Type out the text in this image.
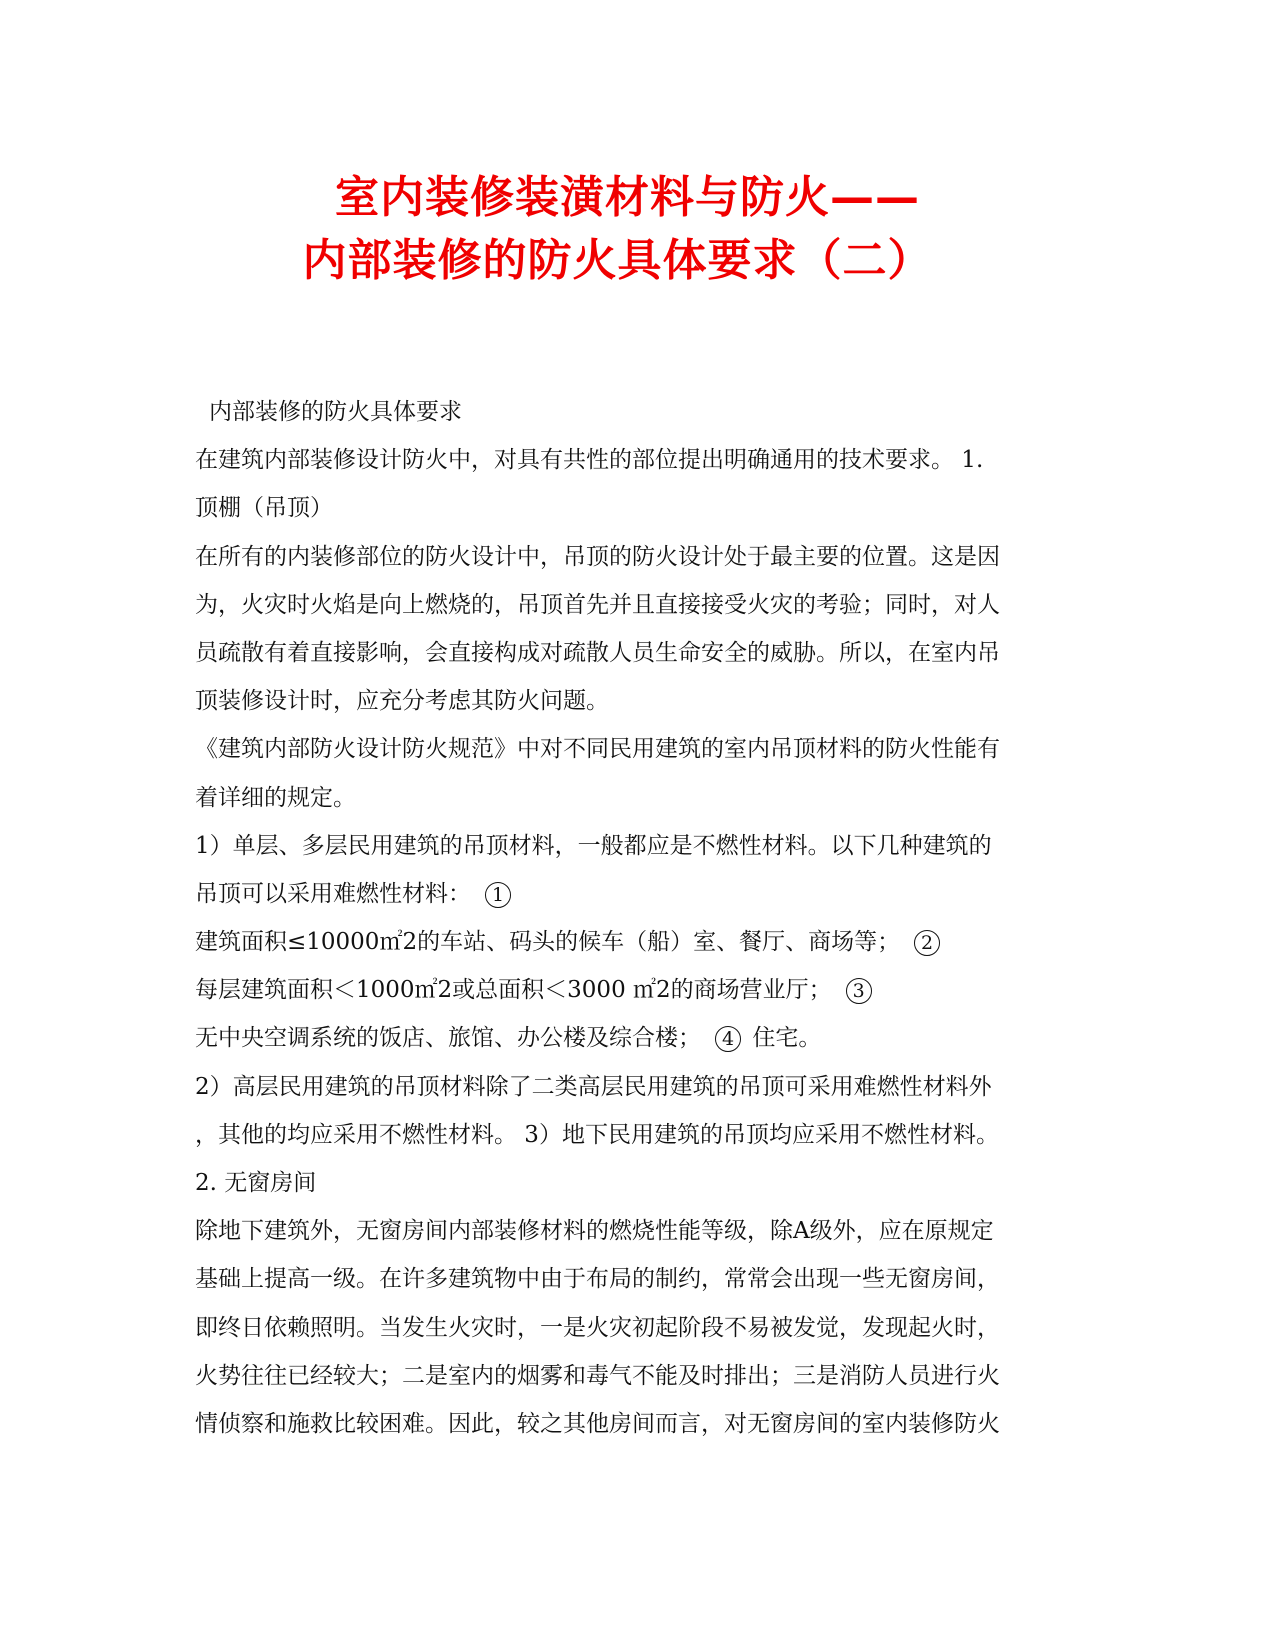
室内装修装潢材料与防火——
内部装修的防火具体要求（二）
内部装修的防火具体要求
在建筑内部装修设计防火中，对具有共性的部位提出明确通用的技术要求。 1.
顶棚（吊顶）
在所有的内装修部位的防火设计中，吊顶的防火设计处于最主要的位置。这是因
为，火灾时火焰是向上燃烧的，吊顶首先并且直接接受火灾的考验；同时，对人
员疏散有着直接影响，会直接构成对疏散人员生命安全的威胁。所以，在室内吊
顶装修设计时，应充分考虑其防火问题。
《建筑内部防火设计防火规范》中对不同民用建筑的室内吊顶材料的防火性能有
着详细的规定。
1）单层、多层民用建筑的吊顶材料，一般都应是不燃性材料。以下几种建筑的
吊顶可以采用难燃性材料： 1
建筑面积≤10000㎡2的车站、码头的候车（船）室、餐厅、商场等； 2
每层建筑面积＜1000㎡2或总面积＜3000 ㎡2的商场营业厅； 3
无中央空调系统的饭店、旅馆、办公楼及综合楼； 4 住宅。
2）高层民用建筑的吊顶材料除了二类高层民用建筑的吊顶可采用难燃性材料外
，其他的均应采用不燃性材料。 3）地下民用建筑的吊顶均应采用不燃性材料。
2. 无窗房间
除地下建筑外，无窗房间内部装修材料的燃烧性能等级，除A级外，应在原规定
基础上提高一级。在许多建筑物中由于布局的制约，常常会出现一些无窗房间，
即终日依赖照明。当发生火灾时，一是火灾初起阶段不易被发觉，发现起火时，
火势往往已经较大；二是室内的烟雾和毒气不能及时排出；三是消防人员进行火
情侦察和施救比较困难。因此，较之其他房间而言，对无窗房间的室内装修防火
